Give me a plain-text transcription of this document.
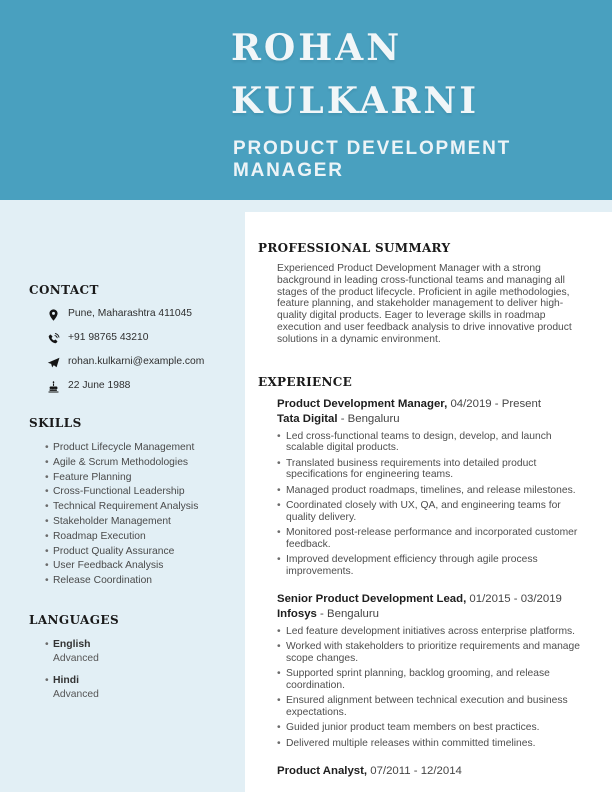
ROHAN
KULKARNI
PRODUCT DEVELOPMENT MANAGER
CONTACT
Pune, Maharashtra 411045
+91 98765 43210
rohan.kulkarni@example.com
22 June 1988
SKILLS
• Product Lifecycle Management
• Agile & Scrum Methodologies
• Feature Planning
• Cross-Functional Leadership
• Technical Requirement Analysis
• Stakeholder Management
• Roadmap Execution
• Product Quality Assurance
• User Feedback Analysis
• Release Coordination
LANGUAGES
• English
Advanced
• Hindi
Advanced
PROFESSIONAL SUMMARY

Experienced Product Development Manager with a strong background in leading cross-functional teams and managing all stages of the product lifecycle. Proficient in agile methodologies, feature planning, and stakeholder management to deliver high-quality digital products. Eager to leverage skills in roadmap execution and user feedback analysis to drive innovative product solutions in a dynamic environment.

EXPERIENCE
Product Development Manager, 04/2019 - Present
Tata Digital - Bengaluru
• Led cross-functional teams to design, develop, and launch scalable digital products.
• Translated business requirements into detailed product specifications for engineering teams.
• Managed product roadmaps, timelines, and release milestones.
• Coordinated closely with UX, QA, and engineering teams for quality delivery.
• Monitored post-release performance and incorporated customer feedback.
• Improved development efficiency through agile process improvements.
Senior Product Development Lead, 01/2015 - 03/2019
Infosys - Bengaluru
• Led feature development initiatives across enterprise platforms.
• Worked with stakeholders to prioritize requirements and manage scope changes.
• Supported sprint planning, backlog grooming, and release coordination.
• Ensured alignment between technical execution and business expectations.
• Guided junior product team members on best practices.
• Delivered multiple releases within committed timelines.
Product Analyst, 07/2011 - 12/2014
